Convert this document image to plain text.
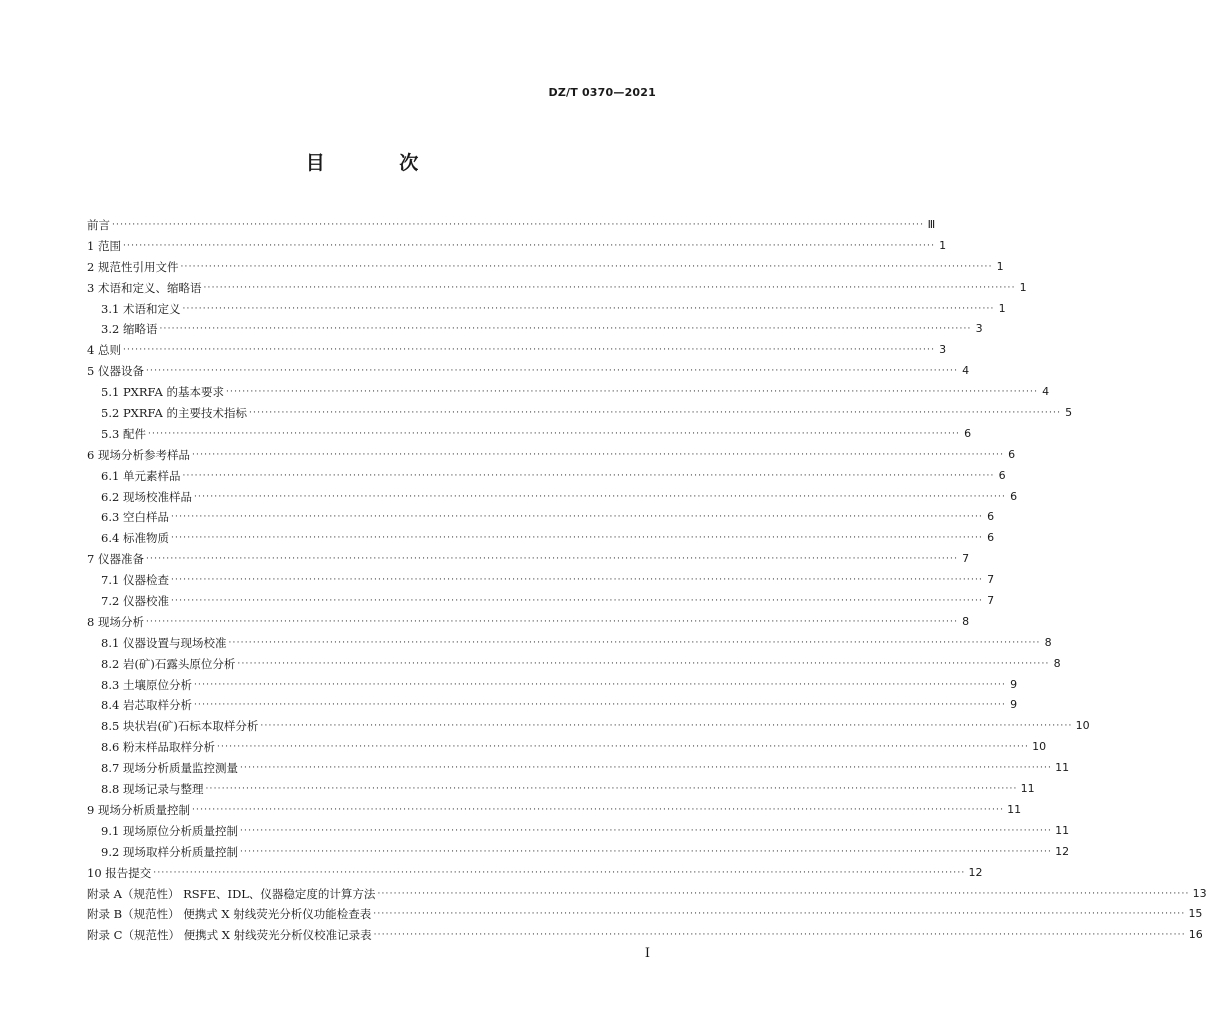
DZ/T 0370—2021
目 次
前言 ········································································································································································································ Ⅲ
1 范围 ········································································································································································································ 1
2 规范性引用文件 ········································································································································································································ 1
3 术语和定义、缩略语 ········································································································································································································ 1
3.1 术语和定义 ········································································································································································································ 1
3.2 缩略语 ········································································································································································································ 3
4 总则 ········································································································································································································ 3
5 仪器设备 ········································································································································································································ 4
5.1 PXRFA 的基本要求 ········································································································································································································ 4
5.2 PXRFA 的主要技术指标 ········································································································································································································ 5
5.3 配件 ········································································································································································································ 6
6 现场分析参考样品 ········································································································································································································ 6
6.1 单元素样品 ········································································································································································································ 6
6.2 现场校准样品 ········································································································································································································ 6
6.3 空白样品 ········································································································································································································ 6
6.4 标准物质 ········································································································································································································ 6
7 仪器准备 ········································································································································································································ 7
7.1 仪器检查 ········································································································································································································ 7
7.2 仪器校准 ········································································································································································································ 7
8 现场分析 ········································································································································································································ 8
8.1 仪器设置与现场校准 ········································································································································································································ 8
8.2 岩(矿)石露头原位分析 ········································································································································································································ 8
8.3 土壤原位分析 ········································································································································································································ 9
8.4 岩芯取样分析 ········································································································································································································ 9
8.5 块状岩(矿)石标本取样分析 ········································································································································································································ 10
8.6 粉末样品取样分析 ········································································································································································································ 10
8.7 现场分析质量监控测量 ········································································································································································································ 11
8.8 现场记录与整理 ········································································································································································································ 11
9 现场分析质量控制 ········································································································································································································ 11
9.1 现场原位分析质量控制 ········································································································································································································ 11
9.2 现场取样分析质量控制 ········································································································································································································ 12
10 报告提交 ········································································································································································································ 12
附录 A（规范性） RSFE、IDL、仪器稳定度的计算方法 ········································································································································································································ 13
附录 B（规范性） 便携式 X 射线荧光分析仪功能检查表 ········································································································································································································ 15
附录 C（规范性） 便携式 X 射线荧光分析仪校准记录表 ········································································································································································································ 16
I
